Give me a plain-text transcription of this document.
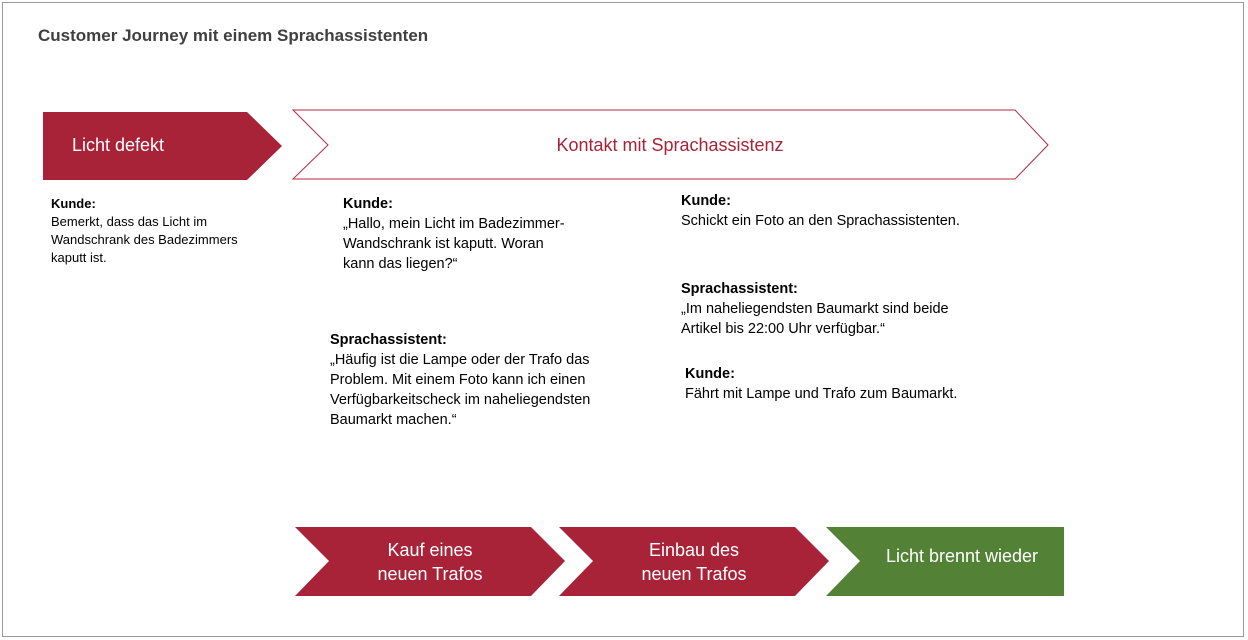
Customer Journey mit einem Sprachassistenten
Licht defekt	Kontakt mit Sprachassistenz
Kauf eines
neuen Trafos
Einbau des
neuen Trafos
Licht brennt wieder
Kunde:
Bemerkt, dass das Licht im
Wandschrank des Badezimmers
kaputt ist.
Kunde:
„Hallo, mein Licht im Badezimmer-
Wandschrank ist kaputt. Woran
kann das liegen?“
Sprachassistent:
„Häufig ist die Lampe oder der Trafo das
Problem. Mit einem Foto kann ich einen
Verfügbarkeitscheck im naheliegendsten
Baumarkt machen.“
Kunde:
Schickt ein Foto an den Sprachassistenten.
Sprachassistent:
„Im naheliegendsten Baumarkt sind beide
Artikel bis 22:00 Uhr verfügbar.“
Kunde:
Fährt mit Lampe und Trafo zum Baumarkt.
